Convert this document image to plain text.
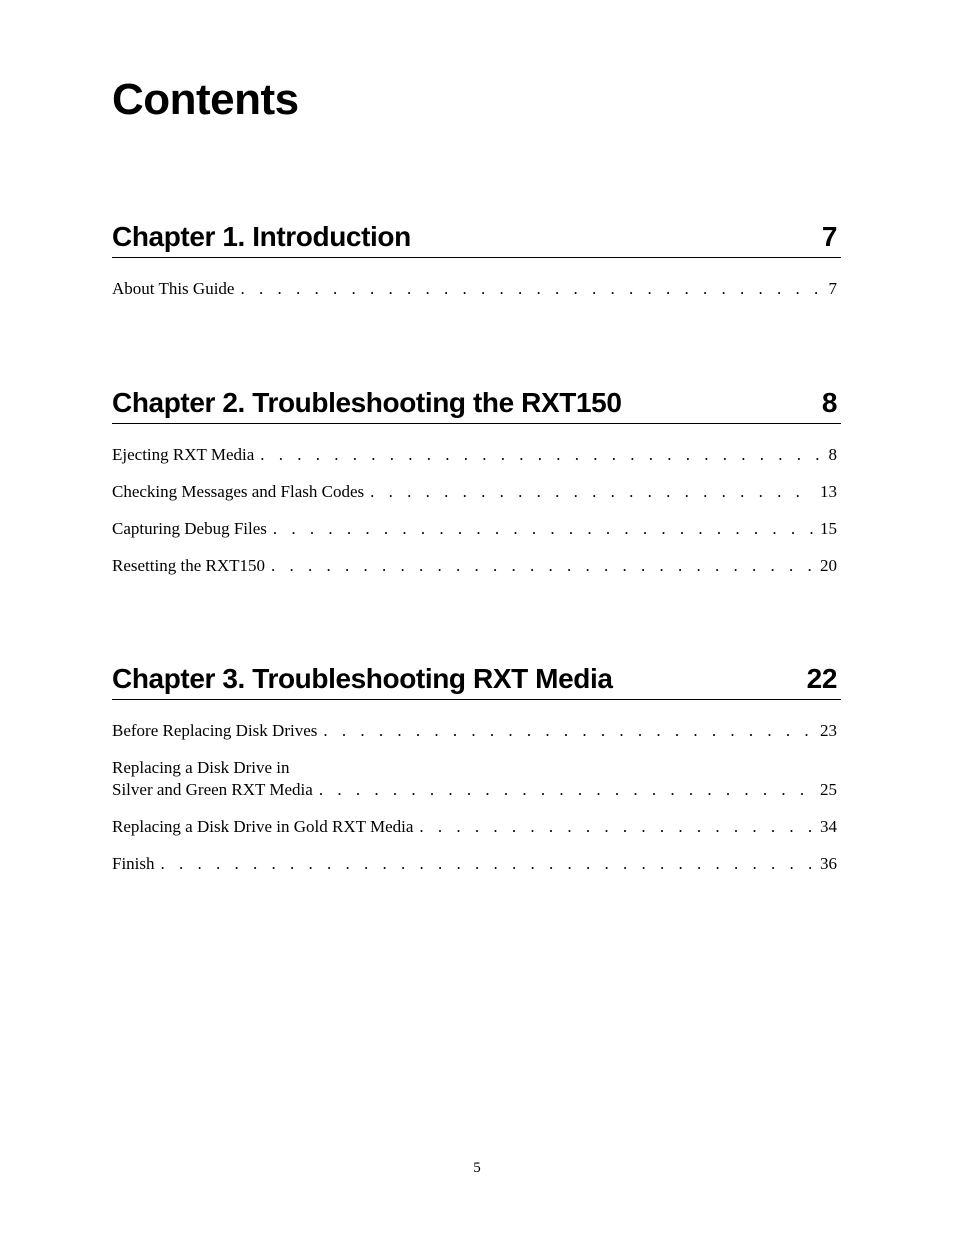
Contents
Chapter 1. Introduction	7
About This Guide . . .	7
Chapter 2. Troubleshooting the RXT150	8
Ejecting RXT Media . . .	8
Checking Messages and Flash Codes . . .	13
Capturing Debug Files . . .	15
Resetting the RXT150 . . .	20
Chapter 3. Troubleshooting RXT Media	22
Before Replacing Disk Drives . . .	23
Replacing a Disk Drive in
Silver and Green RXT Media . . .	25
Replacing a Disk Drive in Gold RXT Media . . .	34
Finish . . .	36
5
